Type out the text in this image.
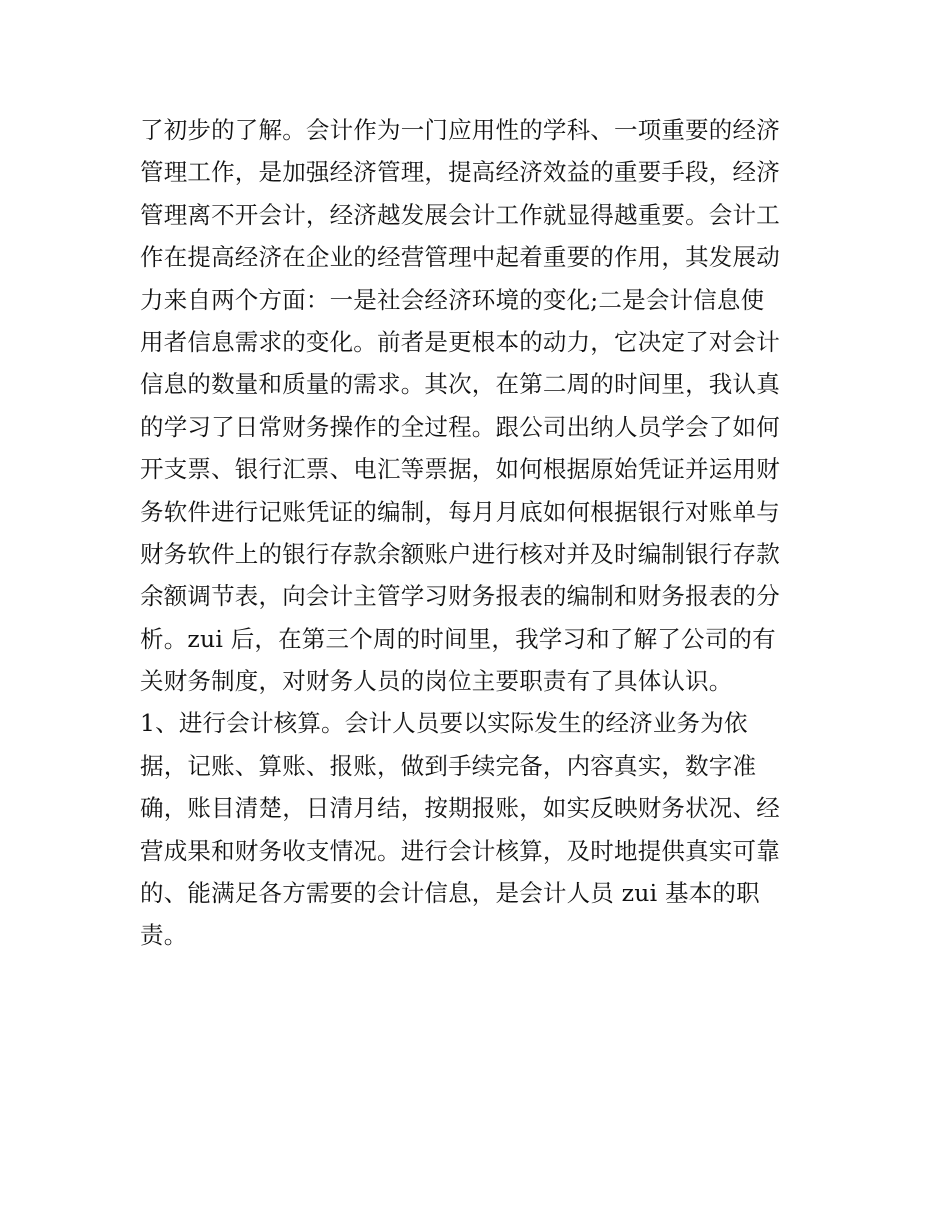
了初步的了解。会计作为一门应用性的学科、一项重要的经济
管理工作，是加强经济管理，提高经济效益的重要手段，经济
管理离不开会计，经济越发展会计工作就显得越重要。会计工
作在提高经济在企业的经营管理中起着重要的作用，其发展动
力来自两个方面：一是社会经济环境的变化;二是会计信息使
用者信息需求的变化。前者是更根本的动力，它决定了对会计
信息的数量和质量的需求。其次，在第二周的时间里，我认真
的学习了日常财务操作的全过程。跟公司出纳人员学会了如何
开支票、银行汇票、电汇等票据，如何根据原始凭证并运用财
务软件进行记账凭证的编制，每月月底如何根据银行对账单与
财务软件上的银行存款余额账户进行核对并及时编制银行存款
余额调节表，向会计主管学习财务报表的编制和财务报表的分
析。zui 后，在第三个周的时间里，我学习和了解了公司的有
关财务制度，对财务人员的岗位主要职责有了具体认识。
1、进行会计核算。会计人员要以实际发生的经济业务为依
据，记账、算账、报账，做到手续完备，内容真实，数字准
确，账目清楚，日清月结，按期报账，如实反映财务状况、经
营成果和财务收支情况。进行会计核算，及时地提供真实可靠
的、能满足各方需要的会计信息，是会计人员 zui 基本的职
责。
